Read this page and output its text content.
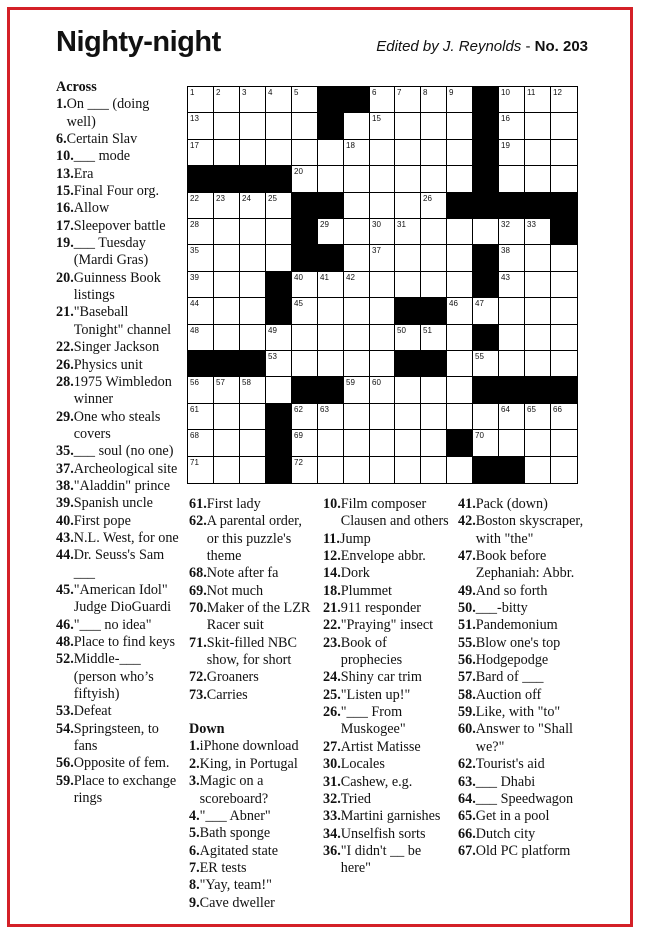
Nighty-night	Edited by J. Reynolds - No. 203
1	2	3	4	5	6	7	8	9	10 11 12
13	15	16
17	18	19
20
22 23 24 25	26
28	29	30 31	32 33
35	37	38
39	40 41 42	43
44	45	46 47
48	49	50 51
53	55
56 57 58	59 60
61	62 63	64 65 66
68	69	70
71	72
Across
1. On ___ (doing well)
6. Certain Slav
10. ___ mode
13. Era
15. Final Four org.
16. Allow
17. Sleepover battle
19. ___ Tuesday (Mardi Gras)
20. Guinness Book listings
21. "Baseball Tonight" channel
22. Singer Jackson
26. Physics unit
28. 1975 Wimbledon winner
29. One who steals covers
35. ___ soul (no one)
37. Archeological site
38. "Aladdin" prince
39. Spanish uncle
40. First pope
43. N.L. West, for one
44. Dr. Seuss's Sam ___
45. "American Idol" Judge DioGuardi
46. "___ no idea"
48. Place to find keys
52. Middle-___ (person who’s fiftyish)
53. Defeat
54. Springsteen, to fans
56. Opposite of fem.
59. Place to exchange rings
61. First lady
62. A parental order, or this puzzle's theme
68. Note after fa
69. Not much
70. Maker of the LZR Racer suit
71. Skit-filled NBC show, for short
72. Groaners
73. Carries
Down
1. iPhone download
2. King, in Portugal
3. Magic on a scoreboard?
4. "___ Abner"
5. Bath sponge
6. Agitated state
7. ER tests
8. "Yay, team!"
9. Cave dweller
10. Film composer Clausen and others
11. Jump
12. Envelope abbr.
14. Dork
18. Plummet
21. 911 responder
22. "Praying" insect
23. Book of prophecies
24. Shiny car trim
25. "Listen up!"
26. "___ From Muskogee"
27. Artist Matisse
30. Locales
31. Cashew, e.g.
32. Tried
33. Martini garnishes
34. Unselfish sorts
36. "I didn't __ be here"
41. Pack (down)
42. Boston skyscraper, with "the"
47. Book before Zephaniah: Abbr.
49. And so forth
50. ___-bitty
51. Pandemonium
55. Blow one's top
56. Hodgepodge
57. Bard of ___
58. Auction off
59. Like, with "to"
60. Answer to "Shall we?"
62. Tourist's aid
63. ___ Dhabi
64. ___ Speedwagon
65. Get in a pool
66. Dutch city
67. Old PC platform
